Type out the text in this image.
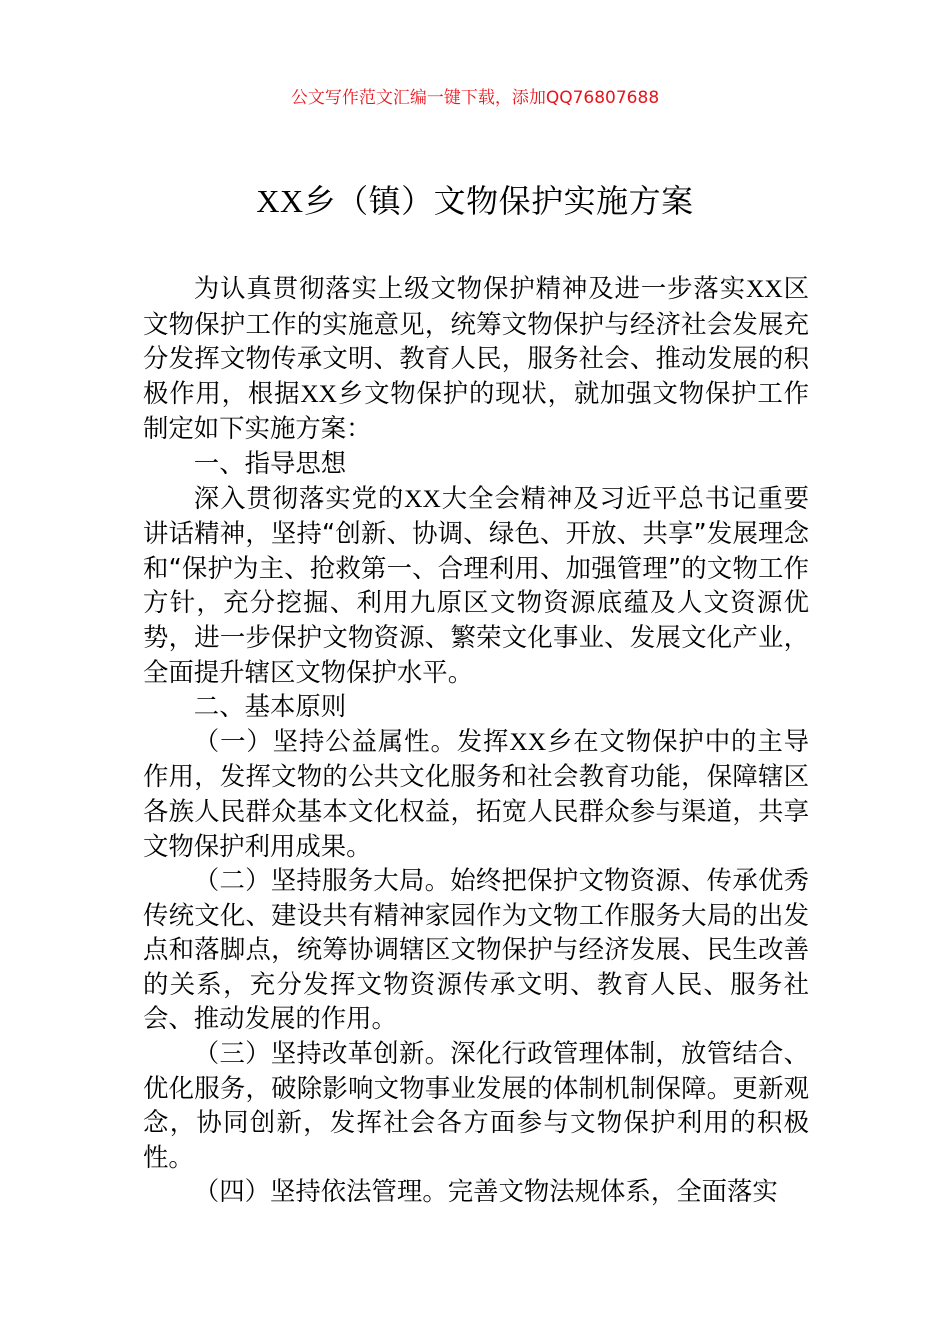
公文写作范文汇编一键下载，添加QQ76807688
XX乡（镇）文物保护实施方案

为认真贯彻落实上级文物保护精神及进一步落实XX区文物保护工作的实施意见，统筹文物保护与经济社会发展充分发挥文物传承文明、教育人民，服务社会、推动发展的积极作用，根据XX乡文物保护的现状，就加强文物保护工作制定如下实施方案：

一、指导思想

深入贯彻落实党的XX大全会精神及习近平总书记重要讲话精神，坚持“创新、协调、绿色、开放、共享”发展理念和“保护为主、抢救第一、合理利用、加强管理”的文物工作方针，充分挖掘、利用九原区文物资源底蕴及人文资源优势，进一步保护文物资源、繁荣文化事业、发展文化产业，全面提升辖区文物保护水平。

二、基本原则

（一）坚持公益属性。发挥XX乡在文物保护中的主导作用，发挥文物的公共文化服务和社会教育功能，保障辖区各族人民群众基本文化权益，拓宽人民群众参与渠道，共享文物保护利用成果。

（二）坚持服务大局。始终把保护文物资源、传承优秀传统文化、建设共有精神家园作为文物工作服务大局的出发点和落脚点，统筹协调辖区文物保护与经济发展、民生改善的关系，充分发挥文物资源传承文明、教育人民、服务社会、推动发展的作用。

（三）坚持改革创新。深化行政管理体制，放管结合、优化服务，破除影响文物事业发展的体制机制保障。更新观念，协同创新，发挥社会各方面参与文物保护利用的积极性。

（四）坚持依法管理。完善文物法规体系，全面落实
